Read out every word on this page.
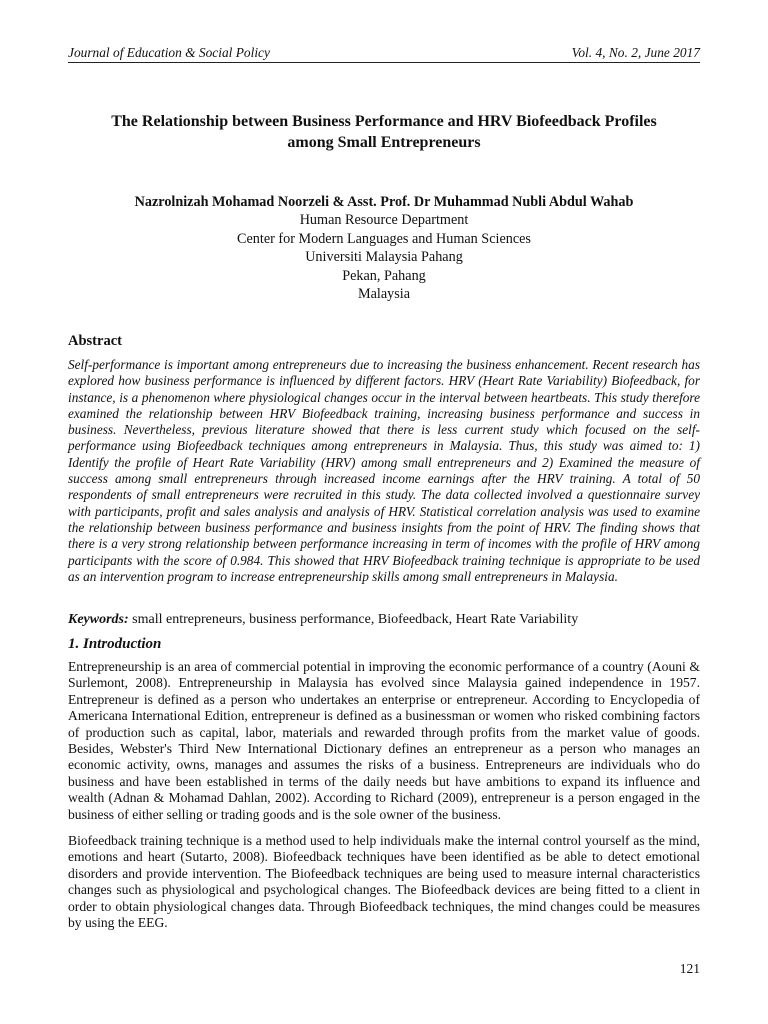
Journal of Education & Social Policy	Vol. 4, No. 2, June 2017
The Relationship between Business Performance and HRV Biofeedback Profiles
among Small Entrepreneurs
Nazrolnizah Mohamad Noorzeli & Asst. Prof. Dr Muhammad Nubli Abdul Wahab
Human Resource Department
Center for Modern Languages and Human Sciences
Universiti Malaysia Pahang
Pekan, Pahang
Malaysia
Abstract
Self-performance is important among entrepreneurs due to increasing the business enhancement. Recent research has explored how business performance is influenced by different factors. HRV (Heart Rate Variability) Biofeedback, for instance, is a phenomenon where physiological changes occur in the interval between heartbeats. This study therefore examined the relationship between HRV Biofeedback training, increasing business performance and success in business. Nevertheless, previous literature showed that there is less current study which focused on the self-performance using Biofeedback techniques among entrepreneurs in Malaysia. Thus, this study was aimed to: 1) Identify the profile of Heart Rate Variability (HRV) among small entrepreneurs and 2) Examined the measure of success among small entrepreneurs through increased income earnings after the HRV training. A total of 50 respondents of small entrepreneurs were recruited in this study. The data collected involved a questionnaire survey with participants, profit and sales analysis and analysis of HRV. Statistical correlation analysis was used to examine the relationship between business performance and business insights from the point of HRV. The finding shows that there is a very strong relationship between performance increasing in term of incomes with the profile of HRV among participants with the score of 0.984. This showed that HRV Biofeedback training technique is appropriate to be used as an intervention program to increase entrepreneurship skills among small entrepreneurs in Malaysia.
Keywords: small entrepreneurs, business performance, Biofeedback, Heart Rate Variability
1. Introduction
Entrepreneurship is an area of commercial potential in improving the economic performance of a country (Aouni & Surlemont, 2008). Entrepreneurship in Malaysia has evolved since Malaysia gained independence in 1957. Entrepreneur is defined as a person who undertakes an enterprise or entrepreneur. According to Encyclopedia of Americana International Edition, entrepreneur is defined as a businessman or women who risked combining factors of production such as capital, labor, materials and rewarded through profits from the market value of goods. Besides, Webster's Third New International Dictionary defines an entrepreneur as a person who manages an economic activity, owns, manages and assumes the risks of a business. Entrepreneurs are individuals who do business and have been established in terms of the daily needs but have ambitions to expand its influence and wealth (Adnan & Mohamad Dahlan, 2002). According to Richard (2009), entrepreneur is a person engaged in the business of either selling or trading goods and is the sole owner of the business.
Biofeedback training technique is a method used to help individuals make the internal control yourself as the mind, emotions and heart (Sutarto, 2008). Biofeedback techniques have been identified as be able to detect emotional disorders and provide intervention. The Biofeedback techniques are being used to measure internal characteristics changes such as physiological and psychological changes. The Biofeedback devices are being fitted to a client in order to obtain physiological changes data. Through Biofeedback techniques, the mind changes could be measures by using the EEG.
121
